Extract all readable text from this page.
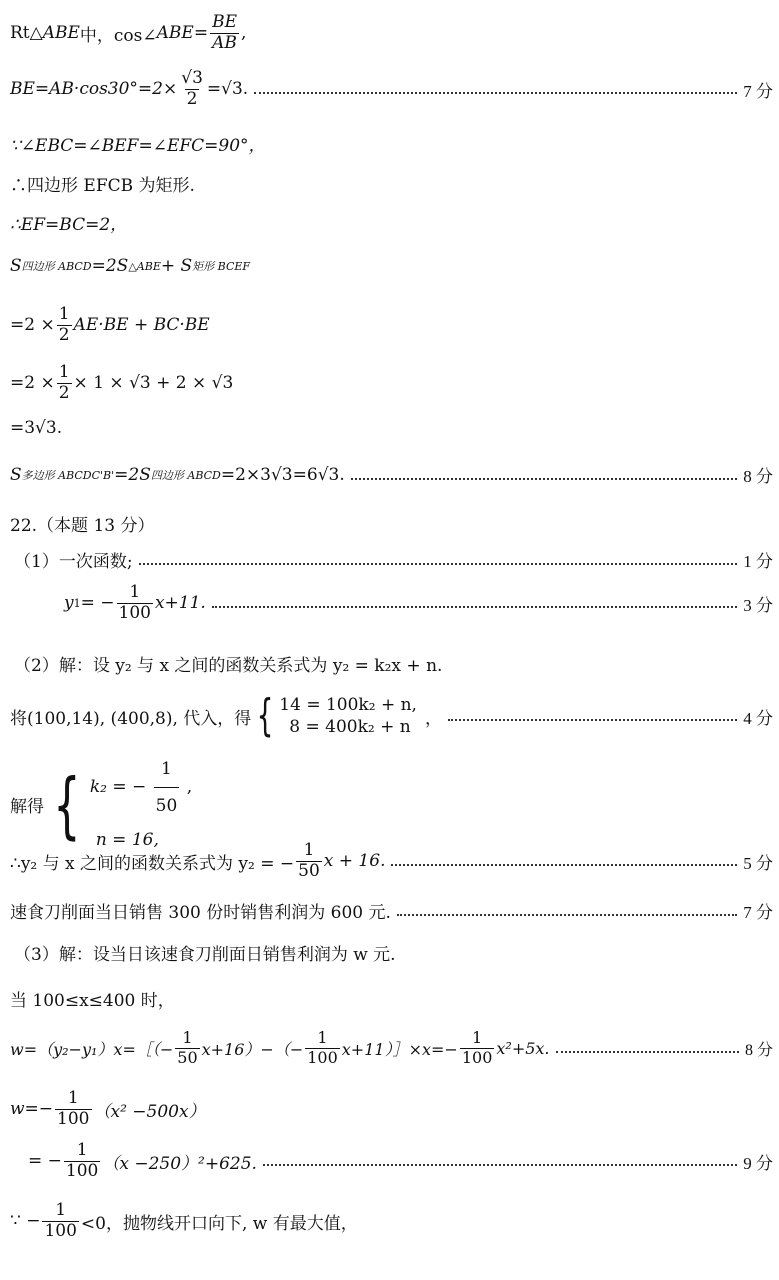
Rt△ ABE 中，cos∠ ABE = $\frac{BE}{AB}$ ,
$BE=AB\cdot\cos 30^\circ=2\times \frac{√3}{2} =√3$.	7 分
∵∠EBC=∠BEF=∠EFC=90°，
∴四边形 EFCB 为矩形.
∴EF=BC=2，
S 四边形 ABCD =2S △ABE + S 矩形 BCEF
$=2 \times \frac{1}{2} AE\cdot BE + BC\cdot BE$
$=2 \times \frac{1}{2} \times 1 \times √3 + 2 \times √3$
=3√3.
S 多边形 ABCDC'B' =2S 四边形 ABCD =2×3√3=6√3.	8 分
22.（本题 13 分）
（1）一次函数;	1 分
y 1 = − $\frac{1}{100} x+11$.	3 分
（2）解：设 y₂ 与 x 之间的函数关系式为 y₂ = k₂x + n.
将(100,14), (400,8), 代入，得 { 14 = 100k₂ + n,
8 = 400k₂ + n ，	4 分
解得 { k₂ = − $\frac{1}{50}$ ,
n = 16,
∴y₂ 与 x 之间的函数关系式为 y₂ = − $\frac{1}{50}$ x + 16.	5 分
速食刀削面当日销售 300 份时销售利润为 600 元.	7 分
（3）解：设当日该速食刀削面日销售利润为 w 元.
当 100≤x≤400 时，
w=（y₂−y₁）x=［（− $\frac{1}{50} x+16)-(- \frac{1}{100}$ x+11）］×x=− $\frac{1}{100} x^2+5x$.	8 分
$w=- \frac{1}{100} (x^2 -500x)$
= − $\frac{1}{100} (x -250)^2+625$.	9 分
∵ − $\frac{1}{100} <0$，抛物线开口向下, w 有最大值，
